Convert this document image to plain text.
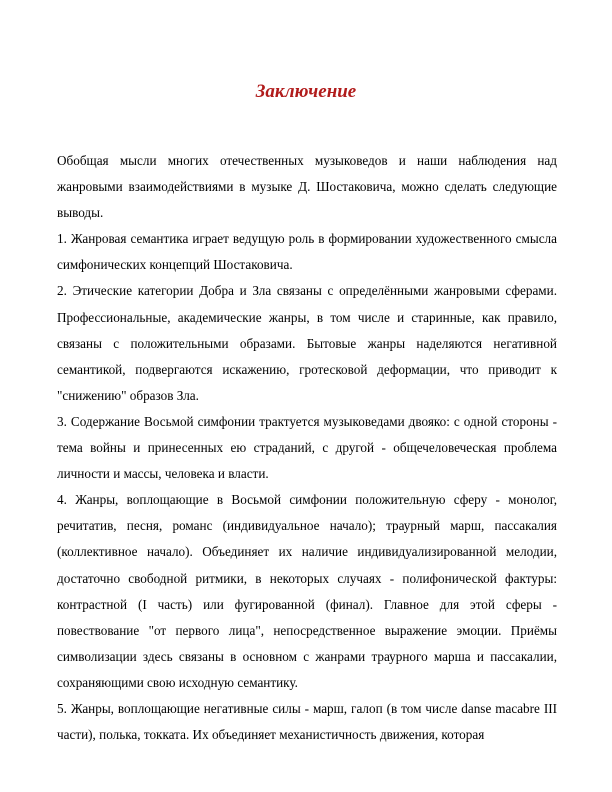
Заключение

Обобщая мысли многих отечественных музыковедов и наши наблюдения над жанровыми взаимодействиями в музыке Д. Шостаковича, можно сделать следующие выводы.

1. Жанровая семантика играет ведущую роль в формировании художественного смысла симфонических концепций Шостаковича.

2. Этические категории Добра и Зла связаны с определёнными жанровыми сферами. Профессиональные, академические жанры, в том числе и старинные, как правило, связаны с положительными образами. Бытовые жанры наделяются негативной семантикой, подвергаются искажению, гротесковой деформации, что приводит к "снижению" образов Зла.

3. Содержание Восьмой симфонии трактуется музыковедами двояко: с одной стороны - тема войны и принесенных ею страданий, с другой - общечеловеческая проблема личности и массы, человека и власти.

4. Жанры, воплощающие в Восьмой симфонии положительную сферу - монолог, речитатив, песня, романс (индивидуальное начало); траурный марш, пассакалия (коллективное начало). Объединяет их наличие индивидуализированной мелодии, достаточно свободной ритмики, в некоторых случаях - полифонической фактуры: контрастной (I часть) или фугированной (финал). Главное для этой сферы - повествование "от первого лица", непосредственное выражение эмоции. Приёмы символизации здесь связаны в основном с жанрами траурного марша и пассакалии, сохраняющими свою исходную семантику.

5. Жанры, воплощающие негативные силы - марш, галоп (в том числе danse macabre III части), полька, токката. Их объединяет механистичность движения, которая
